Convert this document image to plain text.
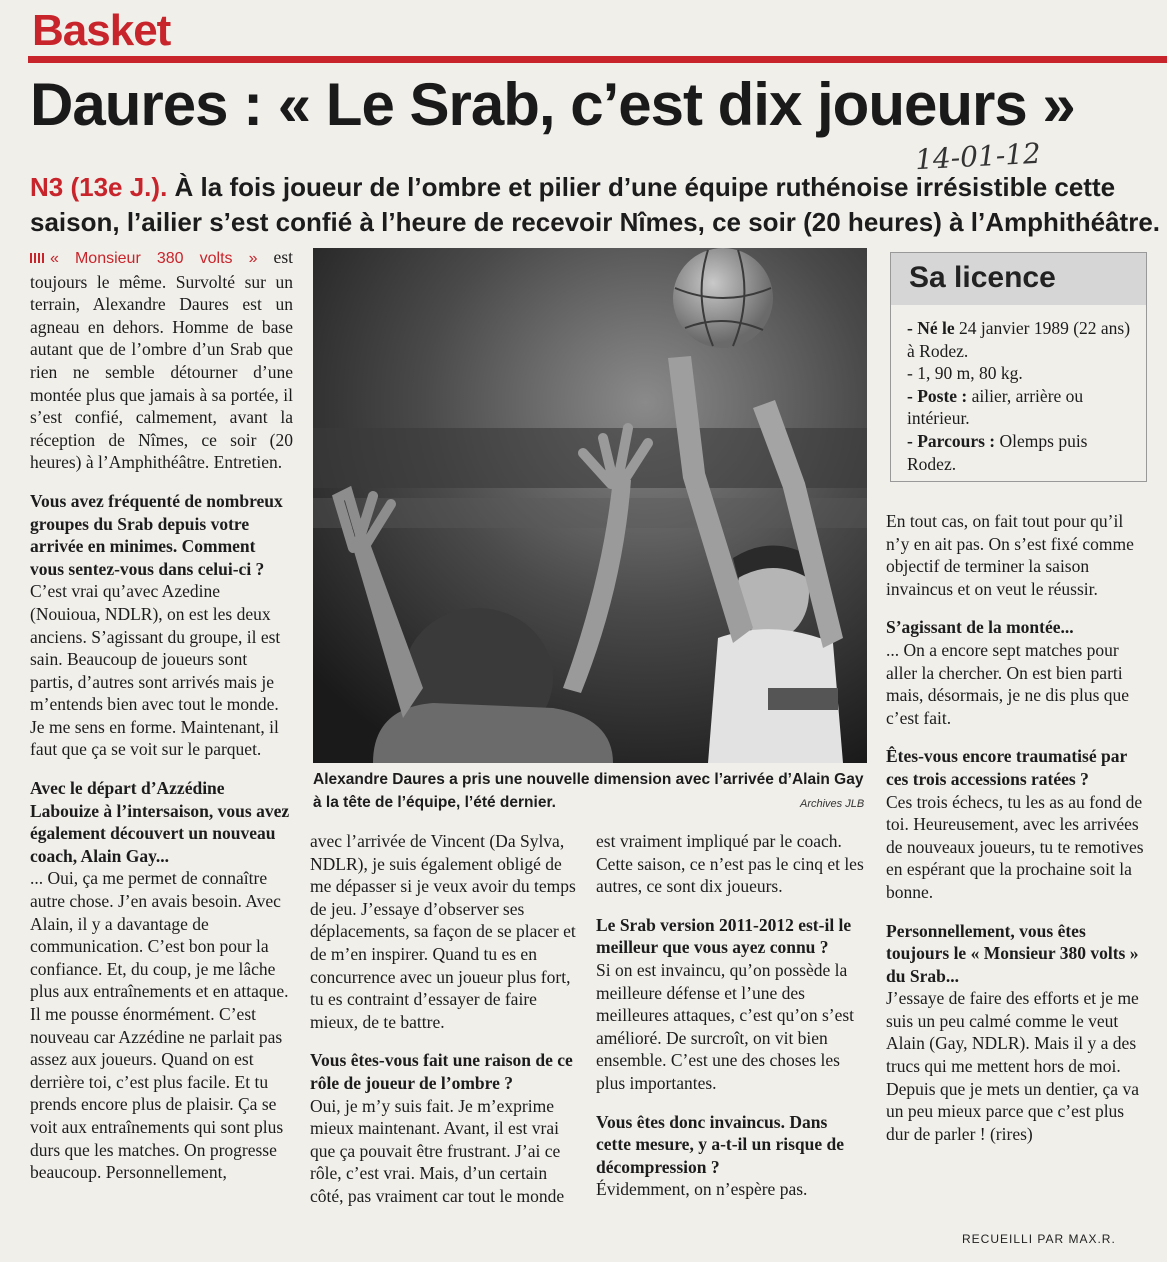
Basket
Daures : « Le Srab, c’est dix joueurs »
14-01-12
N3 (13e J.). À la fois joueur de l’ombre et pilier d’une équipe ruthénoise irrésistible cette saison, l’ailier s’est confié à l’heure de recevoir Nîmes, ce soir (20 heures) à l’Amphithéâtre.

« Monsieur 380 volts » est toujours le même. Survolté sur un terrain, Alexandre Daures est un agneau en dehors. Homme de base autant que de l’ombre d’un Srab que rien ne semble détourner d’une montée plus que jamais à sa portée, il s’est confié, calmement, avant la réception de Nîmes, ce soir (20 heures) à l’Amphithéâtre. Entretien.

Vous avez fréquenté de nombreux groupes du Srab depuis votre arrivée en minimes. Comment vous sentez-vous dans celui-ci ?

C’est vrai qu’avec Azedine (Nouioua, NDLR), on est les deux anciens. S’agissant du groupe, il est sain. Beaucoup de joueurs sont partis, d’autres sont arrivés mais je m’entends bien avec tout le monde. Je me sens en forme. Maintenant, il faut que ça se voit sur le parquet.

Avec le départ d’Azzédine Labouize à l’intersaison, vous avez également découvert un nouveau coach, Alain Gay...

... Oui, ça me permet de connaître autre chose. J’en avais besoin. Avec Alain, il y a davantage de communication. C’est bon pour la confiance. Et, du coup, je me lâche plus aux entraînements et en attaque. Il me pousse énormément. C’est nouveau car Azzédine ne parlait pas assez aux joueurs. Quand on est derrière toi, c’est plus facile. Et tu prends encore plus de plaisir. Ça se voit aux entraînements qui sont plus durs que les matches. On progresse beaucoup. Personnellement,

Alexandre Daures a pris une nouvelle dimension avec l’arrivée d’Alain Gay à la tête de l’équipe, l’été dernier.	Archives JLB
Sa licence
- Né le 24 janvier 1989 (22 ans) à Rodez.
- 1, 90 m, 80 kg.
- Poste : ailier, arrière ou intérieur.
- Parcours : Olemps puis Rodez.

avec l’arrivée de Vincent (Da Sylva, NDLR), je suis également obligé de me dépasser si je veux avoir du temps de jeu. J’essaye d’observer ses déplacements, sa façon de se placer et de m’en inspirer. Quand tu es en concurrence avec un joueur plus fort, tu es contraint d’essayer de faire mieux, de te battre.

Vous êtes-vous fait une raison de ce rôle de joueur de l’ombre ?

Oui, je m’y suis fait. Je m’exprime mieux maintenant. Avant, il est vrai que ça pouvait être frustrant. J’ai ce rôle, c’est vrai. Mais, d’un certain côté, pas vraiment car tout le monde

est vraiment impliqué par le coach. Cette saison, ce n’est pas le cinq et les autres, ce sont dix joueurs.

Le Srab version 2011-2012 est-il le meilleur que vous ayez connu ?

Si on est invaincu, qu’on possède la meilleure défense et l’une des meilleures attaques, c’est qu’on s’est amélioré. De surcroît, on vit bien ensemble. C’est une des choses les plus importantes.

Vous êtes donc invaincus. Dans cette mesure, y a-t-il un risque de décompression ?

Évidemment, on n’espère pas.

En tout cas, on fait tout pour qu’il n’y en ait pas. On s’est fixé comme objectif de terminer la saison invaincus et on veut le réussir.

S’agissant de la montée...

... On a encore sept matches pour aller la chercher. On est bien parti mais, désormais, je ne dis plus que c’est fait.

Êtes-vous encore traumatisé par ces trois accessions ratées ?

Ces trois échecs, tu les as au fond de toi. Heureusement, avec les arrivées de nouveaux joueurs, tu te remotives en espérant que la prochaine soit la bonne.

Personnellement, vous êtes toujours le « Monsieur 380 volts » du Srab...

J’essaye de faire des efforts et je me suis un peu calmé comme le veut Alain (Gay, NDLR). Mais il y a des trucs qui me mettent hors de moi. Depuis que je mets un dentier, ça va un peu mieux parce que c’est plus dur de parler ! (rires)

RECUEILLI PAR MAX.R.
